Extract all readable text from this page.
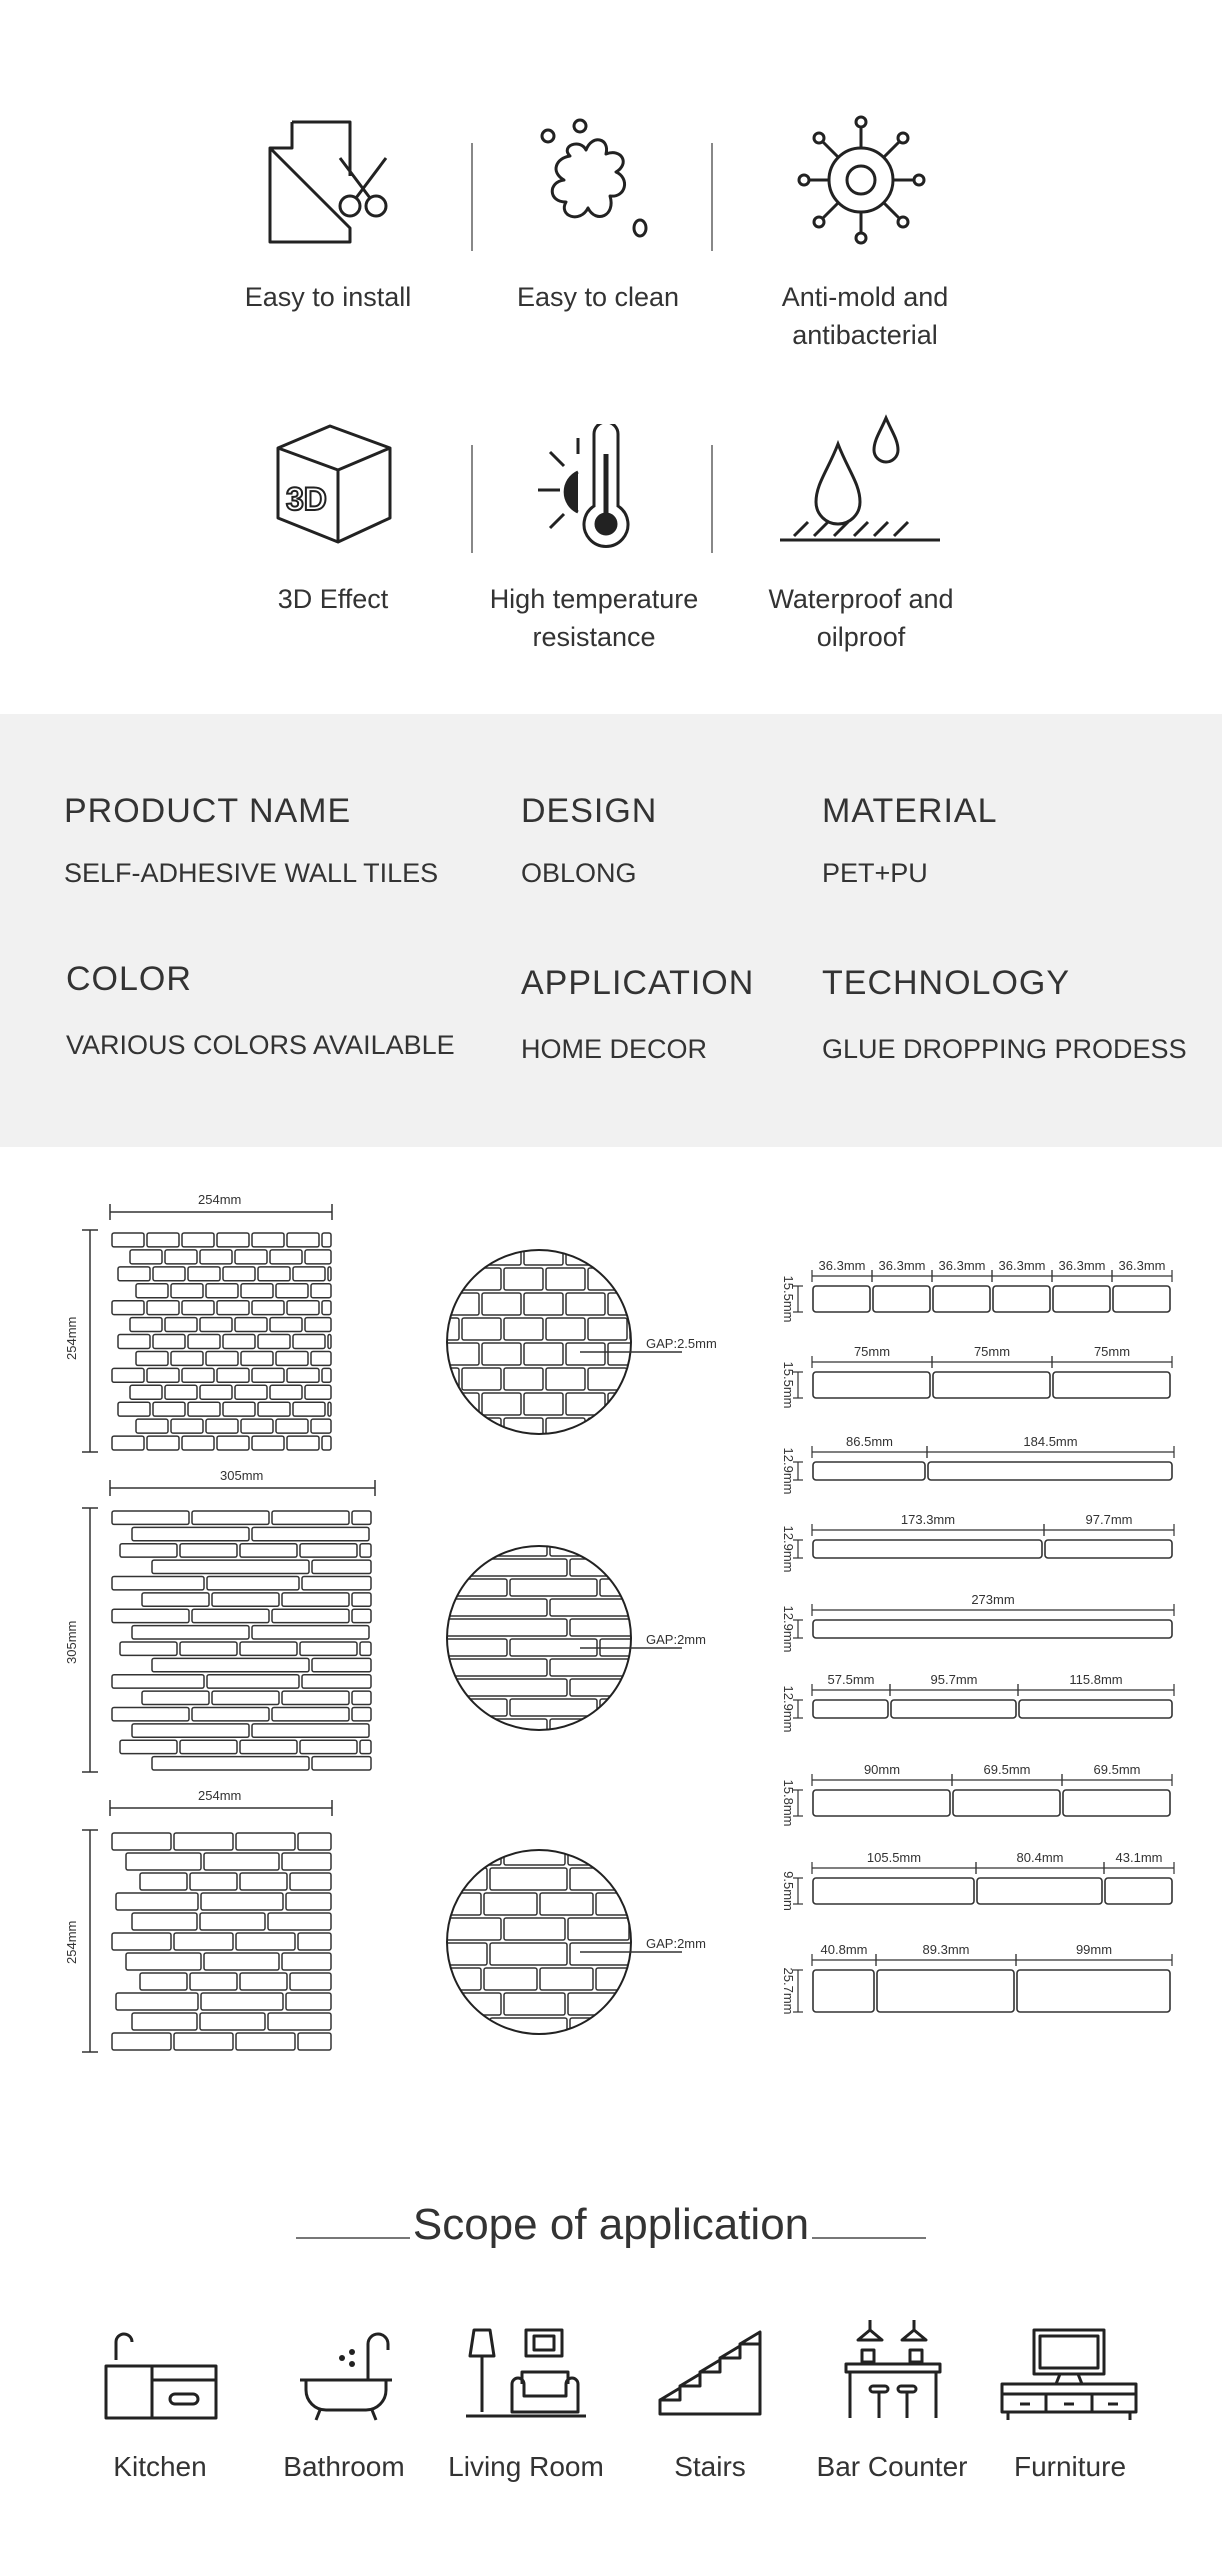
Easy to install	Easy to clean	Anti-mold and
antibacterial
3D
3D Effect	High temperature
resistance
Waterproof and
oilproof
PRODUCT NAME
SELF-ADHESIVE WALL TILES
DESIGN
OBLONG
MATERIAL
PET+PU
COLOR
VARIOUS COLORS AVAILABLE
APPLICATION
HOME DECOR
TECHNOLOGY
GLUE DROPPING PRODESS
254mm
254mm	GAP:2.5mm
305mm
305mm	GAP:2mm
254mm
254mm	GAP:2mm
36.3mm 36.3mm 36.3mm 36.3mm 36.3mm 36.3mm
15.5mm
75mm	75mm	75mm
15.5mm
86.5mm	184.5mm
12.9mm
173.3mm	97.7mm
12.9mm
273mm
12.9mm
57.5mm	95.7mm	115.8mm
12.9mm
90mm	69.5mm	69.5mm
15.8mm
105.5mm	80.4mm	43.1mm
9.5mm
40.8mm	89.3mm	99mm
25.7mm
Scope of application
Kitchen	Bathroom	Living Room	Stairs	Bar Counter	Furniture
